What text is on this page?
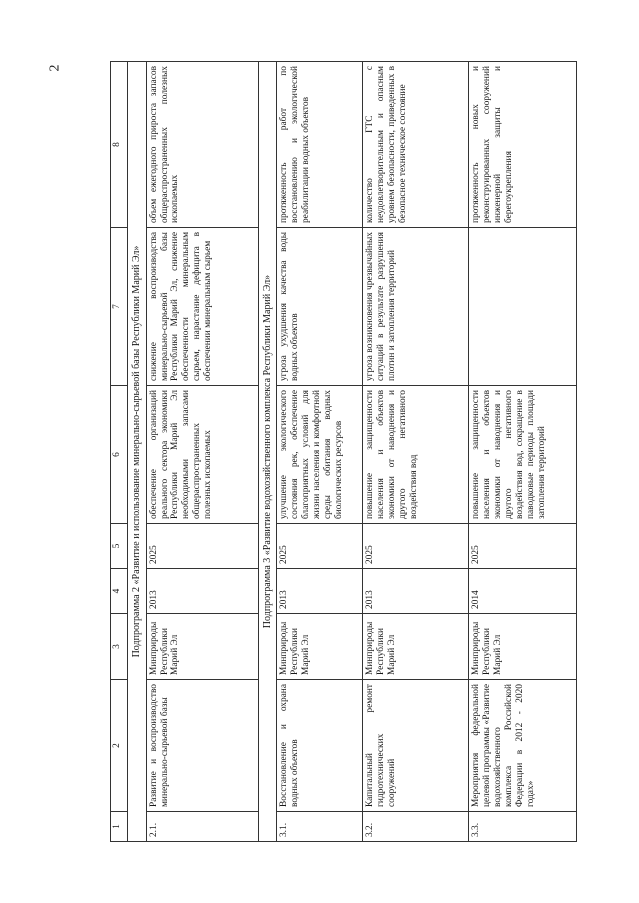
2
1	2	3	4	5	6	7	8
Подпрограмма 2 «Развитие и использование минерально-сырьевой базы Республики Марий Эл»							
2.1.	Развитие и воспроизводство минерально-сырьевой базы	Минприроды Республики Марий Эл	2013	2025	обеспечение организаций реального сектора экономики Республики Марий Эл необходимыми запасами общераспространенных полезных ископаемых	снижение воспроизводства минерально-сырьевой базы Республики Марий Эл, снижение обеспеченности минеральным сырьем, нарастание дефицита в обеспечении минеральным сырьем	объем ежегодного прироста запасов общераспространенных полезных ископаемых
Подпрограмма 3 «Развитие водохозяйственного комплекса Республики Марий Эл»							
3.1.	Восстановление и охрана водных объектов	Минприроды Республики Марий Эл	2013	2025	улучшение экологического состояния рек, обеспечение благоприятных условий для жизни населения и комфортной среды обитания водных биологических ресурсов	угроза ухудшения качества воды водных объектов	протяженность работ по восстановлению и экологической реабилитации водных объектов
3.2.	Капитальный ремонт гидротехнических сооружений	Минприроды Республики Марий Эл	2013	2025	повышение защищенности населения и объектов экономики от наводнения и другого негативного воздействия вод	угроза возникновения чрезвычайных ситуаций в результате разрушения плотин и затопления территорий	количество ГТС с неудовлетворительным и опасным уровнем безопасности, приведенных в безопасное техническое состояние
3.3.	Мероприятия федеральной целевой программы «Развитие водохозяйственного комплекса Российской Федерации в 2012 - 2020 годах»	Минприроды Республики Марий Эл	2014	2025	повышение защищенности населения и объектов экономики от наводнения и другого негативного воздействия вод, сокращение в паводковые периоды площади затопления территорий		протяженность новых и реконструированных сооружений инженерной защиты и берегоукрепления
